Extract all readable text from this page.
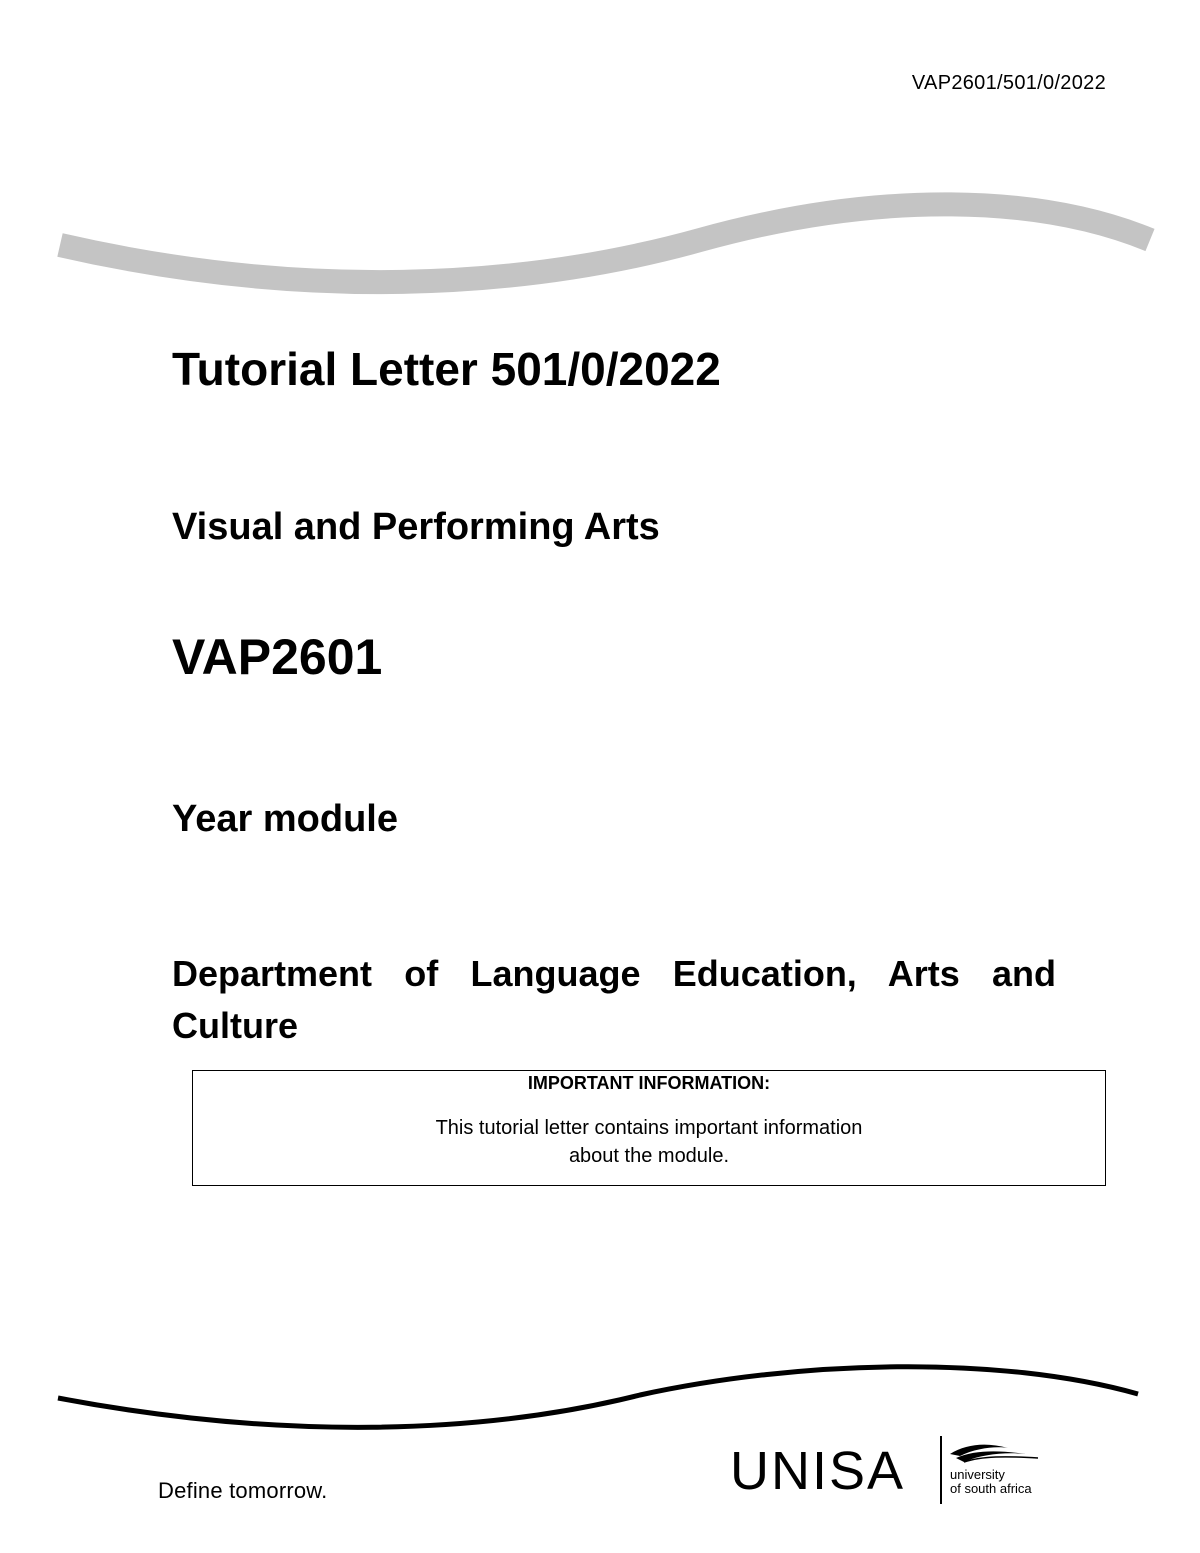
VAP2601/501/0/2022
Tutorial Letter 501/0/2022
Visual and Performing Arts
VAP2601
Year module
Department of Language Education, Arts and Culture
IMPORTANT INFORMATION:
This tutorial letter contains important information about the module.
Define tomorrow.	UNISA	university
of south africa
